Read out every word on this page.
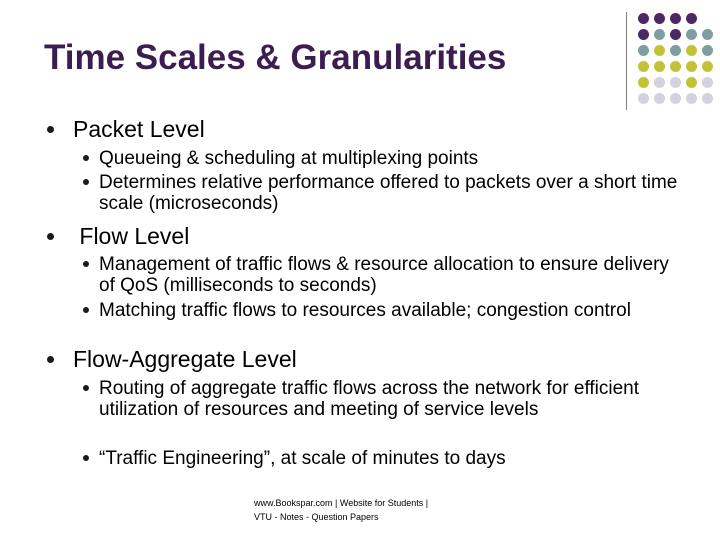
Time Scales & Granularities
Packet Level
Queueing & scheduling at multiplexing points
Determines relative performance offered to packets over a short time scale (microseconds)
Flow Level
Management of traffic flows & resource allocation to ensure delivery of QoS (milliseconds to seconds)
Matching traffic flows to resources available; congestion control
Flow-Aggregate Level
Routing of aggregate traffic flows across the network for efficient utilization of resources and meeting of service levels
“Traffic Engineering”, at scale of minutes to days
www.Bookspar.com | Website for Students |
VTU - Notes - Question Papers
